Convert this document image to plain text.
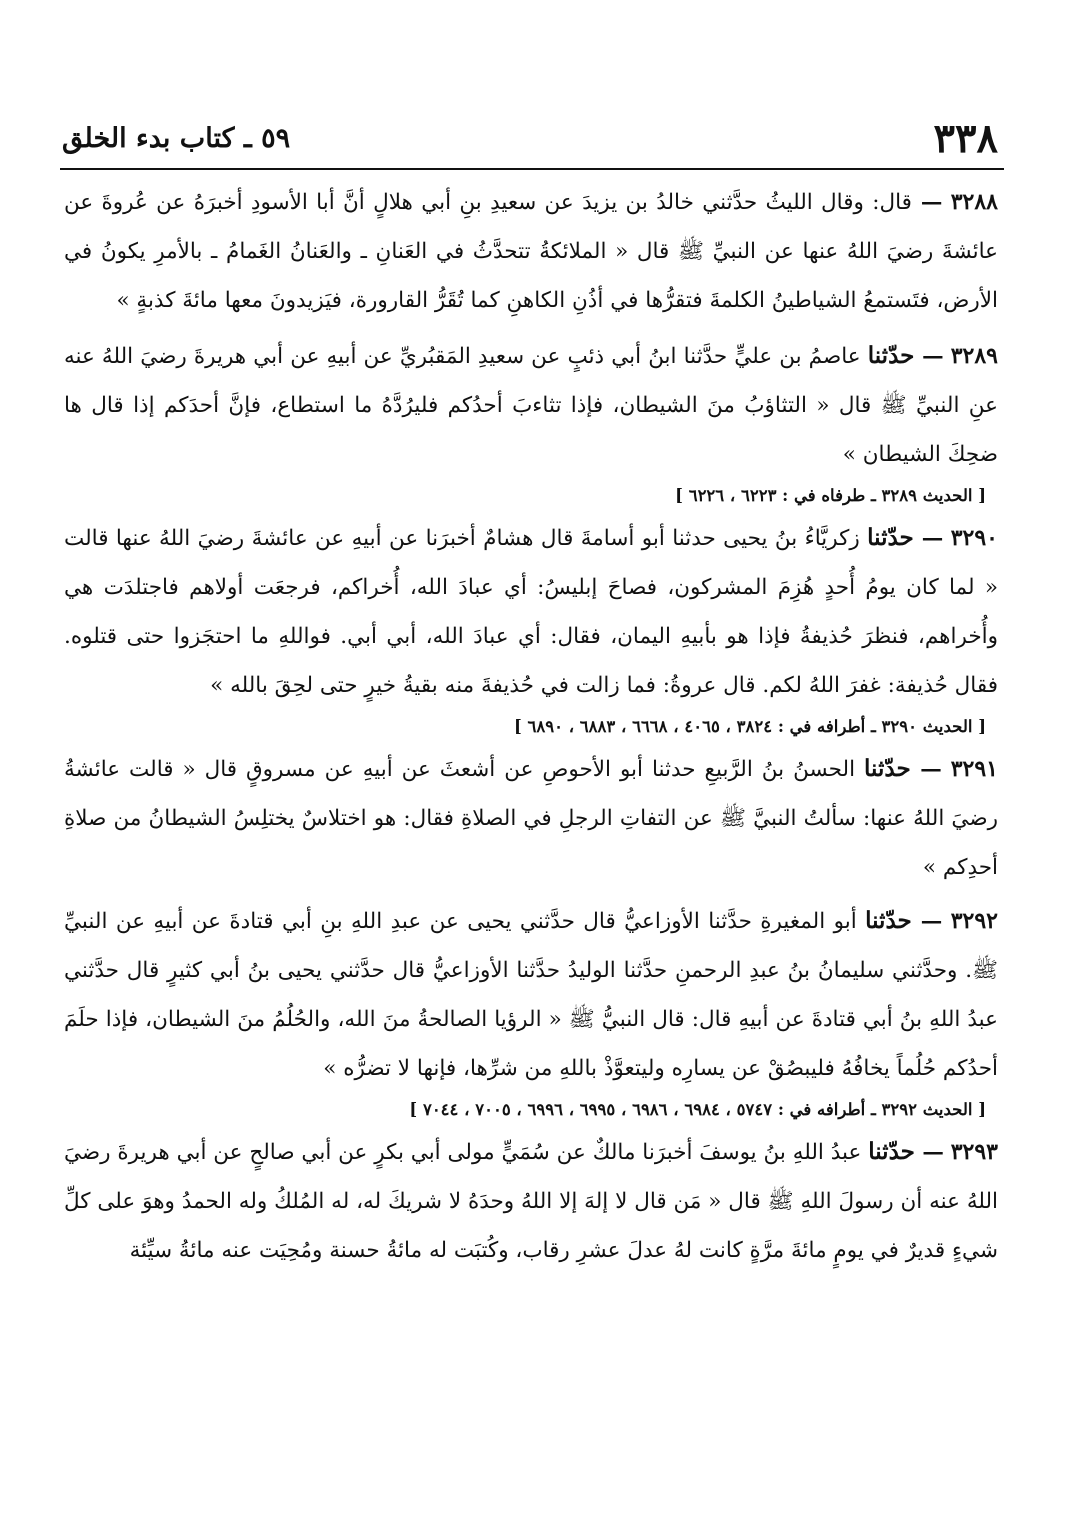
٣٣٨
٥٩ ـ كتاب بدء الخلق

٣٢٨٨ — قال: وقال الليثُ حدَّثني خالدُ بن يزيدَ عن سعيدِ بنِ أبي هلالٍ أنَّ أبا الأسودِ أخبرَهُ عن عُروةَ عن عائشةَ رضيَ اللهُ عنها عن النبيِّ ﷺ قال « الملائكةُ تتحدَّثُ في العَنانِ ـ والعَنانُ الغَمامُ ـ بالأمرِ يكونُ في الأرض، فتَستمعُ الشياطينُ الكلمةَ فتقرُّها في أذُنِ الكاهنِ كما تُقَرُّ القارورة، فيَزيدونَ معها مائةَ كذبةٍ »

٣٢٨٩ — حدّثنا عاصمُ بن عليٍّ حدَّثنا ابنُ أبي ذئبٍ عن سعيدِ المَقبُريِّ عن أبيهِ عن أبي هريرةَ رضيَ اللهُ عنه عنِ النبيِّ ﷺ قال « التثاؤبُ منَ الشيطان، فإذا تثاءبَ أحدُكم فليرُدَّهُ ما استطاع، فإنَّ أحدَكم إذا قال ها ضحِكَ الشيطان »

[ الحديث ٣٢٨٩ ـ طرفاه في : ٦٢٢٣ ، ٦٢٢٦ ]

٣٢٩٠ — حدّثنا زكريَّاءُ بنُ يحيى حدثنا أبو أسامةَ قال هشامٌ أخبرَنا عن أبيهِ عن عائشةَ رضيَ اللهُ عنها قالت « لما كان يومُ أُحدٍ هُزِمَ المشركون، فصاحَ إبليسُ: أي عبادَ الله، أُخراكم، فرجعَت أولاهم فاجتلدَت هي وأُخراهم، فنظرَ حُذيفةُ فإذا هو بأبيهِ اليمان، فقال: أي عبادَ الله، أبي أبي. فواللهِ ما احتجَزوا حتى قتلوه. فقال حُذيفة: غفرَ اللهُ لكم. قال عروةُ: فما زالت في حُذيفةَ منه بقيةُ خيرٍ حتى لحِقَ بالله »

[ الحديث ٣٢٩٠ ـ أطرافه في : ٣٨٢٤ ، ٤٠٦٥ ، ٦٦٦٨ ، ٦٨٨٣ ، ٦٨٩٠ ]

٣٢٩١ — حدّثنا الحسنُ بنُ الرَّبيعِ حدثنا أبو الأحوصِ عن أشعثَ عن أبيهِ عن مسروقٍ قال « قالت عائشةُ رضيَ اللهُ عنها: سألتُ النبيَّ ﷺ عن التفاتِ الرجلِ في الصلاةِ فقال: هو اختلاسٌ يختلِسُ الشيطانُ من صلاةِ أحدِكم »

٣٢٩٢ — حدّثنا أبو المغيرةِ حدَّثنا الأوزاعيُّ قال حدَّثني يحيى عن عبدِ اللهِ بنِ أبي قتادةَ عن أبيهِ عن النبيِّ ﷺ. وحدَّثني سليمانُ بنُ عبدِ الرحمنِ حدَّثنا الوليدُ حدَّثنا الأوزاعيُّ قال حدَّثني يحيى بنُ أبي كثيرٍ قال حدَّثني عبدُ اللهِ بنُ أبي قتادةَ عن أبيهِ قال: قال النبيُّ ﷺ « الرؤيا الصالحةُ منَ الله، والحُلُمُ منَ الشيطان، فإذا حلَمَ أحدُكم حُلُماً يخافُهُ فليبصُقْ عن يسارِه وليتعوَّذْ باللهِ من شرِّها، فإنها لا تضرُّه »

[ الحديث ٣٢٩٢ ـ أطرافه في : ٥٧٤٧ ، ٦٩٨٤ ، ٦٩٨٦ ، ٦٩٩٥ ، ٦٩٩٦ ، ٧٠٠٥ ، ٧٠٤٤ ]

٣٢٩٣ — حدّثنا عبدُ اللهِ بنُ يوسفَ أخبرَنا مالكٌ عن سُمَيٍّ مولى أبي بكرٍ عن أبي صالحٍ عن أبي هريرةَ رضيَ اللهُ عنه أن رسولَ اللهِ ﷺ قال « مَن قال لا إلهَ إلا اللهُ وحدَهُ لا شريكَ له، له المُلكُ وله الحمدُ وهوَ على كلِّ شيءٍ قديرٌ في يومٍ مائةَ مرَّةٍ كانت لهُ عدلَ عشرِ رقاب، وكُتبَت له مائةُ حسنة ومُحِيَت عنه مائةُ سيِّئة
